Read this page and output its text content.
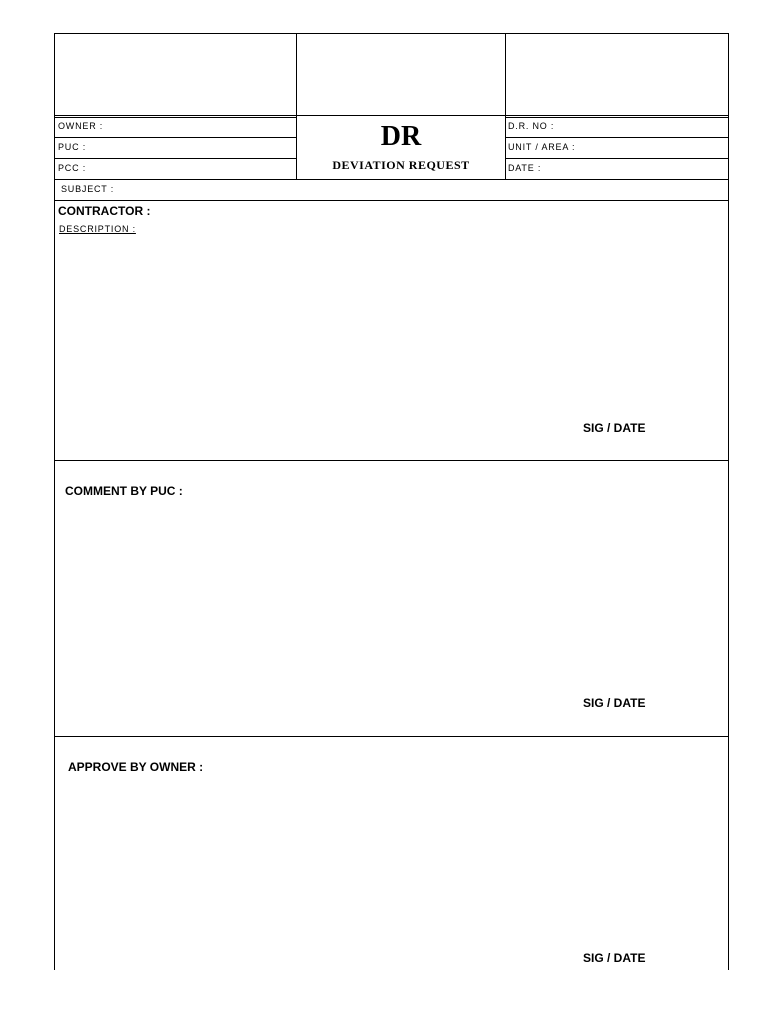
OWNER :
PUC :
PCC :
DR
DEVIATION REQUEST
D.R. NO :
UNIT / AREA :
DATE :
SUBJECT :
CONTRACTOR :
DESCRIPTION :
SIG / DATE
COMMENT BY PUC :
SIG / DATE
APPROVE BY OWNER :
SIG / DATE
